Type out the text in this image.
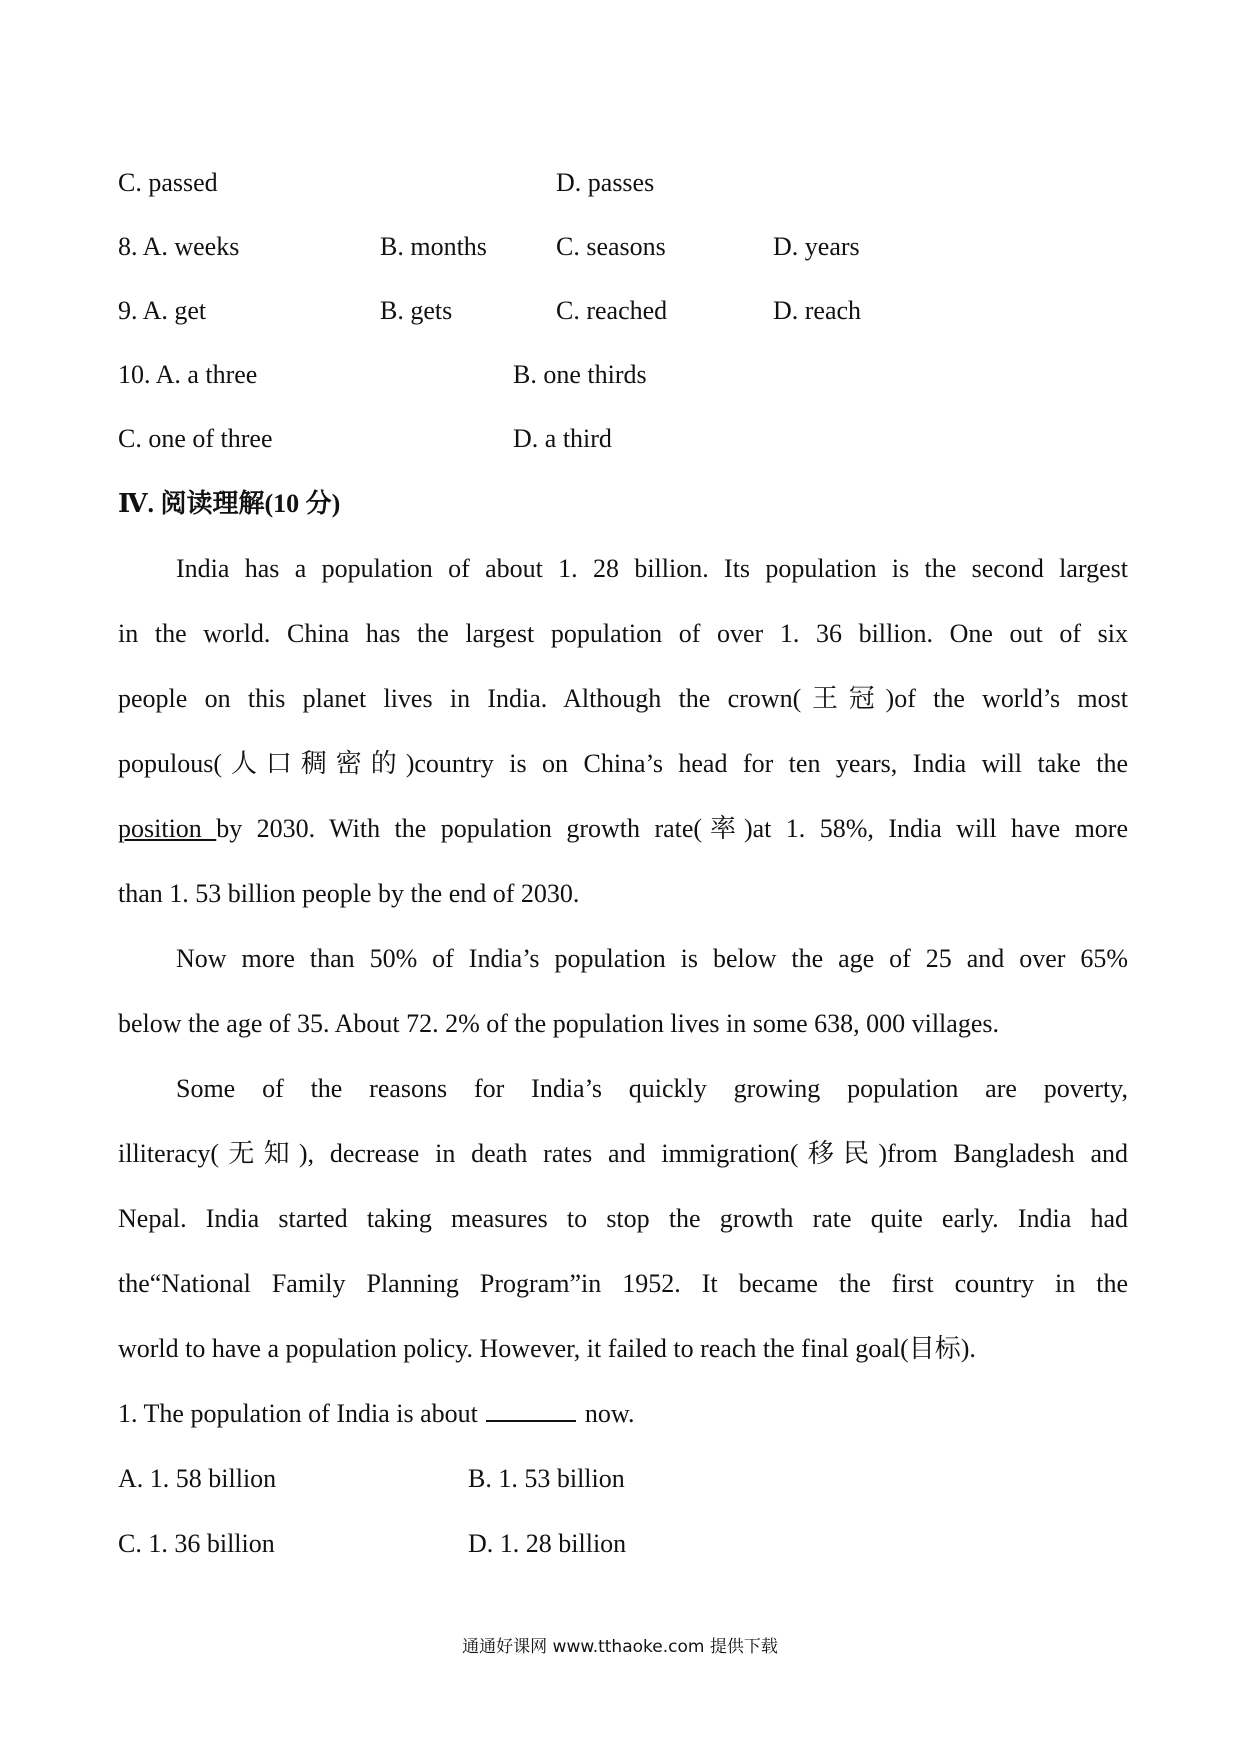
C. passed	D. passes
8. A. weeks	B. months	C. seasons	D. years
9. A. get	B. gets	C. reached	D. reach
10. A. a three	B. one thirds
C. one of three	D. a third
Ⅳ. 阅读理解(10 分)
India has a population of about 1. 28 billion. Its population is the second largest
in the world. China has the largest population of over 1. 36 billion. One out of six
people on this planet lives in India. Although the crown(王冠)of the world’s most
populous(人口稠密的)country is on China’s head for ten years, India will take the
position by 2030. With the population growth rate(率)at 1. 58%, India will have more
than 1. 53 billion people by the end of 2030.
Now more than 50% of India’s population is below the age of 25 and over 65%
below the age of 35. About 72. 2% of the population lives in some 638, 000 villages.
Some of the reasons for India’s quickly growing population are poverty,
illiteracy(无知), decrease in death rates and immigration(移民)from Bangladesh and
Nepal. India started taking measures to stop the growth rate quite early. India had
the“National Family Planning Program”in 1952. It became the first country in the
world to have a population policy. However, it failed to reach the final goal(目标).
1. The population of India is about	now.
A. 1. 58 billion	B. 1. 53 billion
C. 1. 36 billion	D. 1. 28 billion
通通好课网 www.tthaoke.com 提供下载
